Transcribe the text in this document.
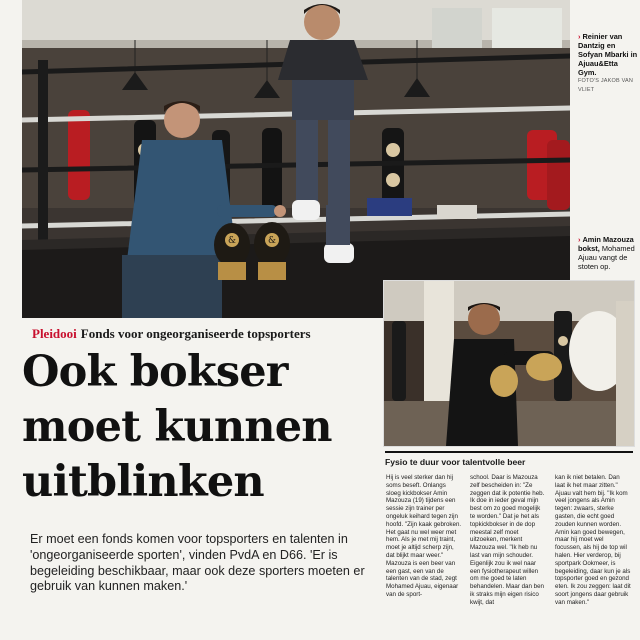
&	&
› Reinier van Dantzig en Sofyan Mbarki in Ajuau&Etta Gym.
FOTO'S JAKOB VAN VLIET
› Amin Mazouza bokst, Mohamed Ajuau vangt de stoten op.
Pleidooi Fonds voor ongeorganiseerde topsporters
Ook bokser
moet kunnen
uitblinken
Er moet een fonds komen voor topsporters en talenten in 'ongeorganiseerde sporten', vinden PvdA en D66. 'Er is begeleiding beschikbaar, maar ook deze sporters moeten er gebruik van kunnen maken.'
Fysio te duur voor talentvolle beer
Hij is veel sterker dan hij soms beseft. Onlangs sloeg kickbokser Amin Mazouza (19) tijdens een sessie zijn trainer per ongeluk keihard tegen zijn hoofd. "Zijn kaak gebroken. Het gaat nu wel weer met hem. Als je met mij traint, moet je altijd scherp zijn, dat blijkt maar weer." Mazouza is een beer van een gast, een van de talenten van de stad, zegt Mohamed Ajuau, eigenaar van de sport-
school. Daar is Mazouza zelf bescheiden in: "Ze zeggen dat ik potentie heb. Ik doe in ieder geval mijn best om zo goed mogelijk te worden." Dat je het als topkickbokser in de dop meestal zelf moet uitzoeken, merkent Mazouza wel. "Ik heb nu last van mijn schouder. Eigenlijk zou ik wel naar een fysiotherapeut willen om me goed te laten behandelen. Maar dan ben ik straks mijn eigen risico kwijt, dat
kan ik niet betalen. Dan laat ik het maar zitten." Ajuau valt hem bij. "Ik kom veel jongens als Amin tegen: zwaars, sterke gasten, die echt goed zouden kunnen worden. Amin kan goed bewegen, maar hij moet wel focussen, als hij de top wil halen. Hier verderop, bij sportpark Ookmeer, is begeleiding, daar kun je als topsporter goed en gezond eten. Ik zou zeggen: laat dit soort jongens daar gebruik van maken."
